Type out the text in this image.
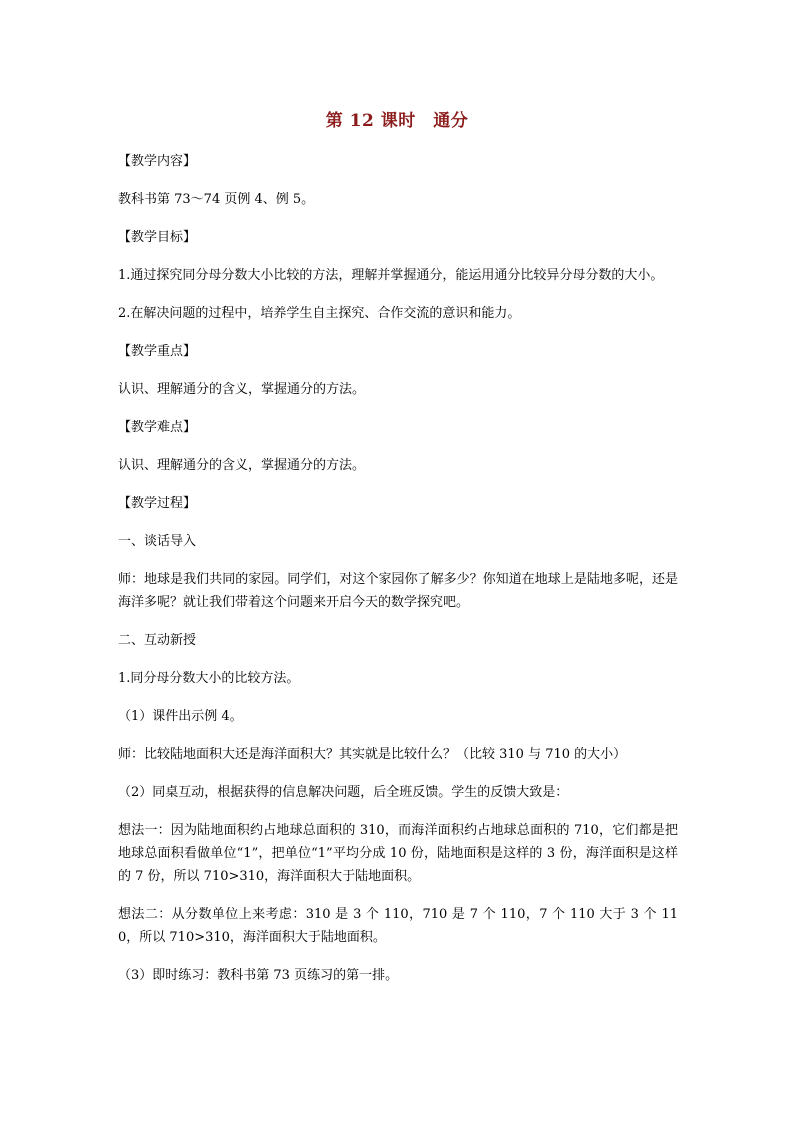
第 12 课时　通分

【教学内容】

教科书第 73～74 页例 4、例 5。

【教学目标】

1.通过探究同分母分数大小比较的方法，理解并掌握通分，能运用通分比较异分母分数的大小。

2.在解决问题的过程中，培养学生自主探究、合作交流的意识和能力。

【教学重点】

认识、理解通分的含义，掌握通分的方法。

【教学难点】

认识、理解通分的含义，掌握通分的方法。

【教学过程】

一、谈话导入

师：地球是我们共同的家园。同学们，对这个家园你了解多少？你知道在地球上是陆地多呢，还是海洋多呢？就让我们带着这个问题来开启今天的数学探究吧。

二、互动新授

1.同分母分数大小的比较方法。

（1）课件出示例 4。

师：比较陆地面积大还是海洋面积大？其实就是比较什么？（比较 310 与 710 的大小）

（2）同桌互动，根据获得的信息解决问题，后全班反馈。学生的反馈大致是：

想法一：因为陆地面积约占地球总面积的 310，而海洋面积约占地球总面积的 710，它们都是把地球总面积看做单位“1”，把单位“1”平均分成 10 份，陆地面积是这样的 3 份，海洋面积是这样的 7 份，所以 710>310，海洋面积大于陆地面积。

想法二：从分数单位上来考虑：310 是 3 个 110，710 是 7 个 110，7 个 110 大于 3 个 110，所以 710>310，海洋面积大于陆地面积。

（3）即时练习：教科书第 73 页练习的第一排。
